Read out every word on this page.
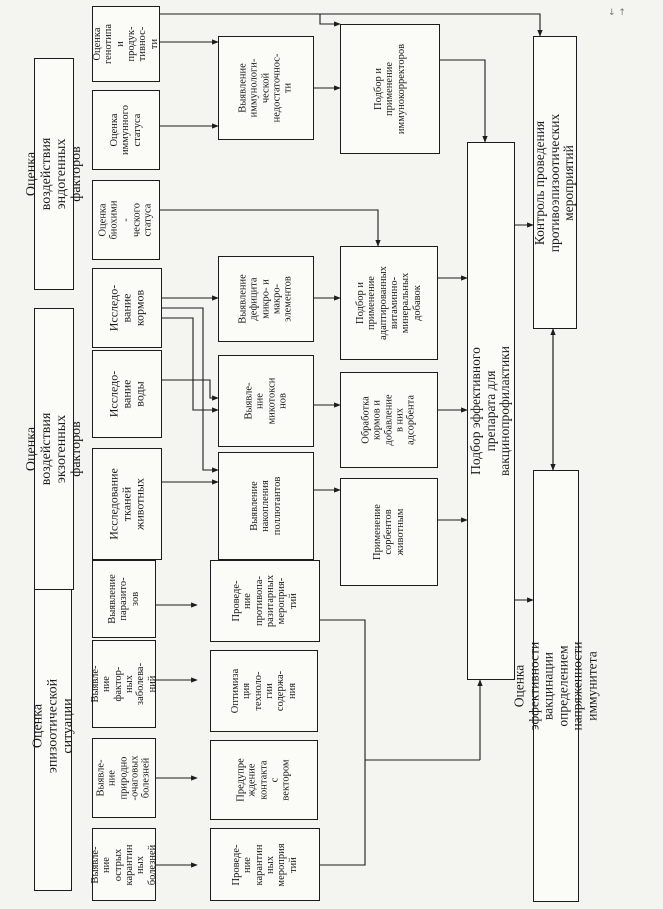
Оценка эпизоотической ситуации
Оценка воздействия экзогенных
факторов
Оценка воздействия эндогенных
факторов
Выявле-
ние
острых
карантин
ных
болезней
Выявле-
ние
природно
-очаговых
болезней
Выявле-
ние
фактор-
ных
заболева-
ний
Выявление
паразито-
зов
Проведе-
ние
карантин
ных
мероприя
тий
Предупре
ждение
контакта
с
вектором
Оптимиза
ция
техноло-
гии
содержа-
ния
Проведе-
ние
противопа-
разитарных
мероприя-
тий
Исследование
тканей
животных
Исследо-
вание
воды
Исследо-
вание
кормов
Выявление
накопления
поллютантов
Выявле-
ние
микотокси
нов
Выявление
дефицита
микро- и
макро-
элементов
Оценка
биохими
- ческого
статуса
Оценка
иммунного
статуса
Оценка
генотипа
и
продук-
тивнос-
ти
Выявление
иммунологи-
ческой
недостаточнос-
ти
Применение
сорбентов
животным
Обработка
кормов и
добавление
в них
адсорбента
Подбор и
применение
адаптированных
витаминно-
минеральных
добавок
Подбор и
применение
иммунокорректоров
Подбор эффективного препарата для вакцинопрофилактики
Оценка эффективности вакцинации
определением напряженности иммунитета
Контроль проведения
противоэпизоотических мероприятий
↓ ↑
